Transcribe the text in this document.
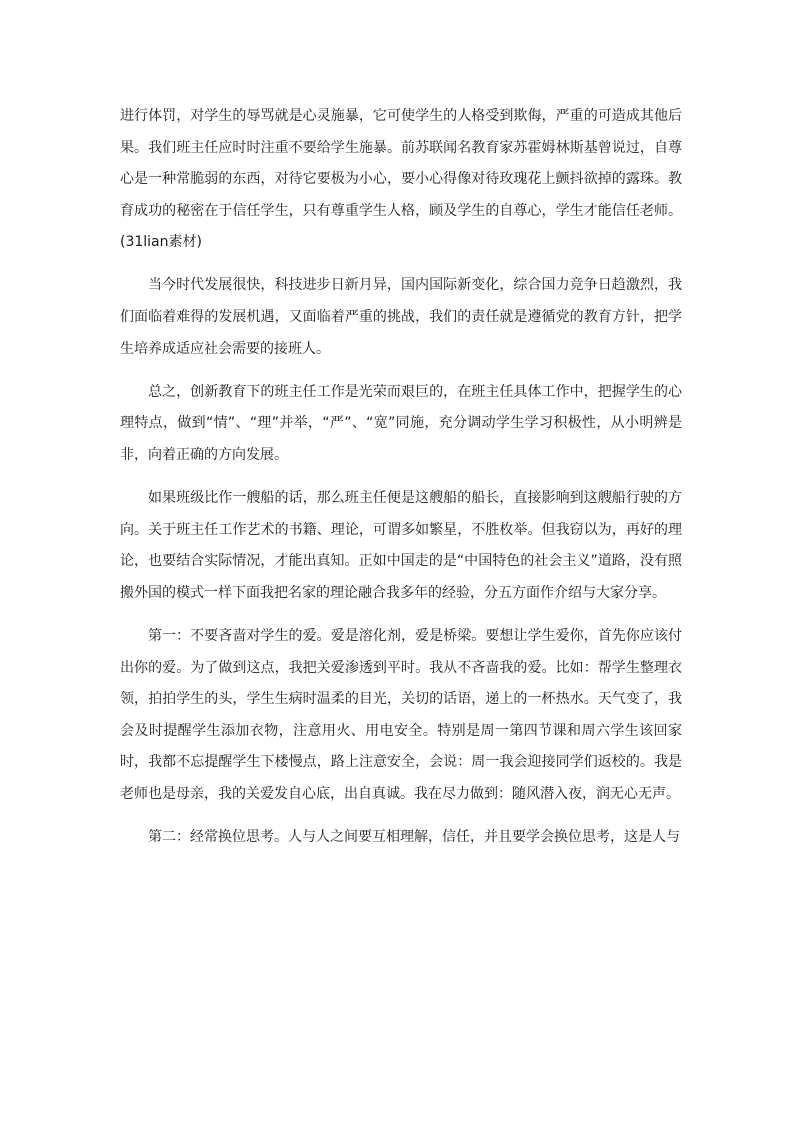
进行体罚，对学生的辱骂就是心灵施暴，它可使学生的人格受到欺侮，严重的可造成其他后果。我们班主任应时时注重不要给学生施暴。前苏联闻名教育家苏霍姆林斯基曾说过，自尊心是一种常脆弱的东西，对待它要极为小心，要小心得像对待玫瑰花上颤抖欲掉的露珠。教育成功的秘密在于信任学生，只有尊重学生人格，顾及学生的自尊心，学生才能信任老师。(31lian素材)

当今时代发展很快，科技进步日新月异，国内国际新变化，综合国力竞争日趋激烈，我们面临着难得的发展机遇，又面临着严重的挑战，我们的责任就是遵循党的教育方针，把学生培养成适应社会需要的接班人。

总之，创新教育下的班主任工作是光荣而艰巨的，在班主任具体工作中，把握学生的心理特点，做到“情”、“理”并举，“严”、“宽”同施，充分调动学生学习积极性，从小明辨是非，向着正确的方向发展。

如果班级比作一艘船的话，那么班主任便是这艘船的船长，直接影响到这艘船行驶的方向。关于班主任工作艺术的书籍、理论，可谓多如繁星，不胜枚举。但我窃以为，再好的理论，也要结合实际情况，才能出真知。正如中国走的是“中国特色的社会主义”道路，没有照搬外国的模式一样下面我把名家的理论融合我多年的经验，分五方面作介绍与大家分享。

第一：不要吝啬对学生的爱。爱是溶化剂，爱是桥梁。要想让学生爱你，首先你应该付出你的爱。为了做到这点，我把关爱渗透到平时。我从不吝啬我的爱。比如：帮学生整理衣领，拍拍学生的头，学生生病时温柔的目光，关切的话语，递上的一杯热水。天气变了，我会及时提醒学生添加衣物，注意用火、用电安全。特别是周一第四节课和周六学生该回家时，我都不忘提醒学生下楼慢点，路上注意安全，会说：周一我会迎接同学们返校的。我是老师也是母亲，我的关爱发自心底，出自真诚。我在尽力做到：随风潜入夜，润无心无声。

第二：经常换位思考。人与人之间要互相理解，信任，并且要学会换位思考，这是人与
